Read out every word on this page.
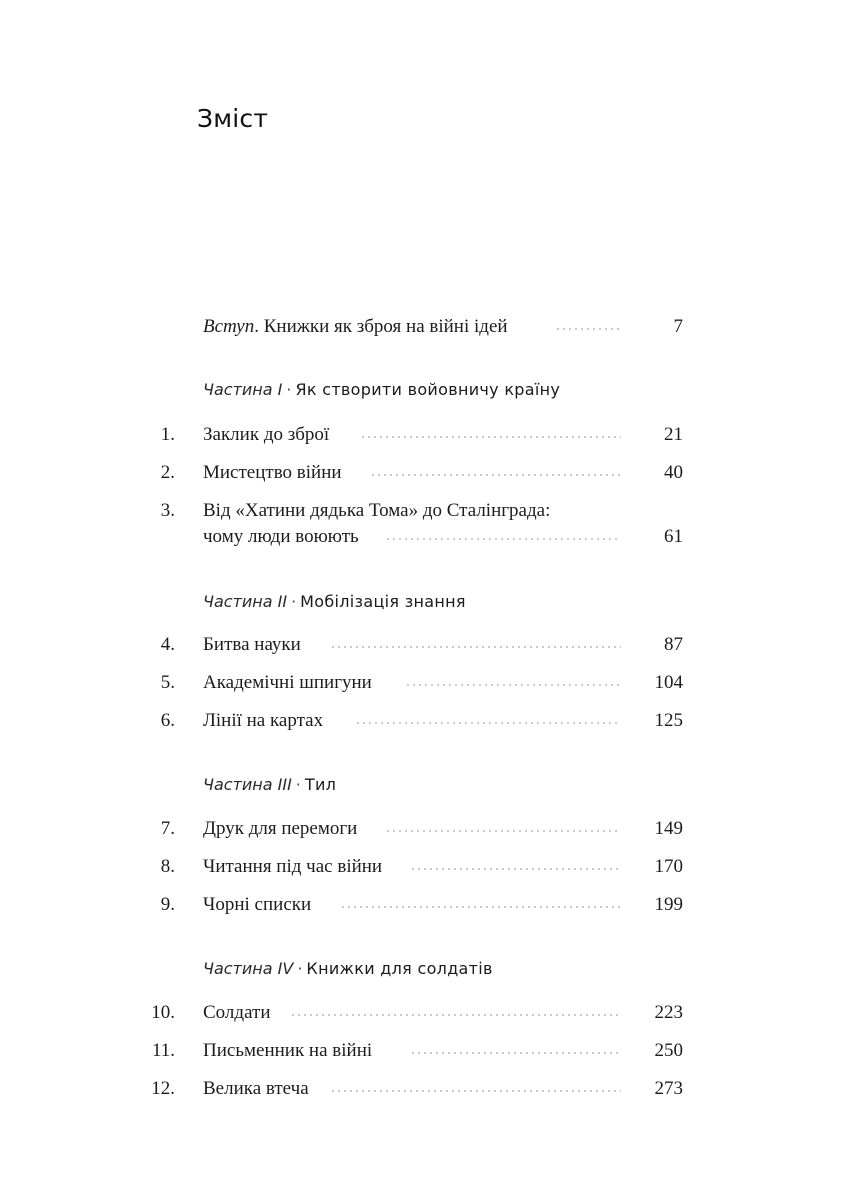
Зміст
Вступ. Книжки як зброя на війні ідей	7
Частина I · Як створити войовничу країну
1. Заклик до зброї	21
2. Мистецтво війни	40
3. Від «Хатини дядька Тома» до Сталінграда:
чому люди воюють	61
Частина II · Мобілізація знання
4. Битва науки	87
5. Академічні шпигуни	104
6. Лінії на картах	125
Частина III · Тил
7. Друк для перемоги	149
8. Читання під час війни	170
9. Чорні списки	199
Частина IV · Книжки для солдатів
10. Солдати	223
11. Письменник на війні	250
12. Велика втеча	273
